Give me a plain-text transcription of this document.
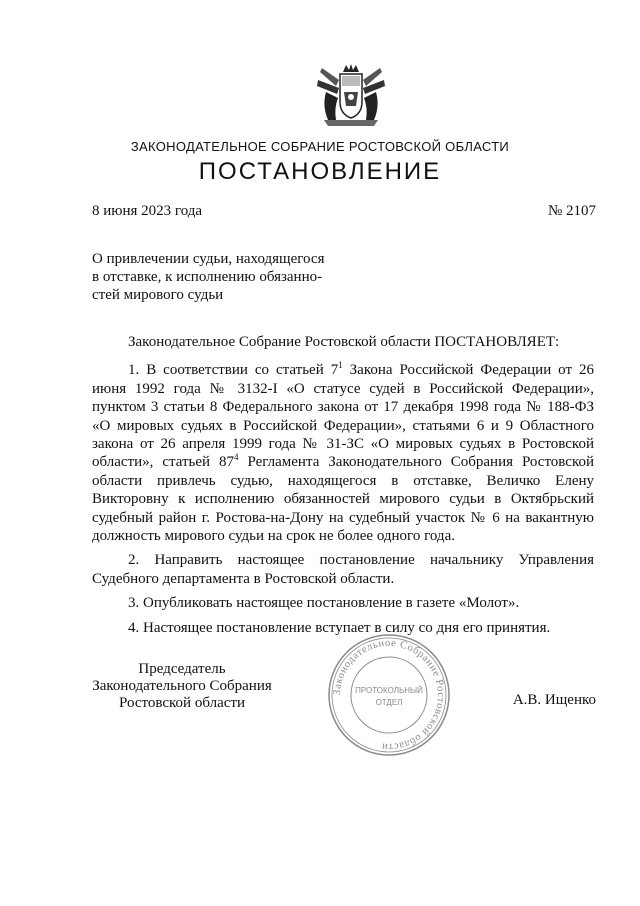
ЗАКОНОДАТЕЛЬНОЕ СОБРАНИЕ РОСТОВСКОЙ ОБЛАСТИ
ПОСТАНОВЛЕНИЕ
8 июня 2023 года	№ 2107
О привлечении судьи, находящегося
в отставке, к исполнению обязанно-
стей мирового судьи

Законодательное Собрание Ростовской области ПОСТАНОВЛЯЕТ:

1. В соответствии со статьей $7^1$ Закона Российской Федерации от 26 июня 1992 года № 3132-I «О статусе судей в Российской Федерации», пунктом 3 статьи 8 Федерального закона от 17 декабря 1998 года № 188-ФЗ «О мировых судьях в Российской Федерации», статьями 6 и 9 Областного закона от 26 апреля 1999 года № 31-ЗС «О мировых судьях в Ростовской области», статьей $87^4$ Регламента Законодательного Собрания Ростовской области привлечь судью, находящегося в отставке, Величко Елену Викторовну к исполнению обязанностей мирового судьи в Октябрьский судебный район г. Ростова-на-Дону на судебный участок № 6 на вакантную должность мирового судьи на срок не более одного года.

2. Направить настоящее постановление начальнику Управления Судебного департамента в Ростовской области.

3. Опубликовать настоящее постановление в газете «Молот».

4. Настоящее постановление вступает в силу со дня его принятия.

Председатель
Законодательного Собрания
Ростовской области
Законодательное Собрание Ростовской области
ПРОТОКОЛЬНЫЙ
ОТДЕЛ	А.В. Ищенко
